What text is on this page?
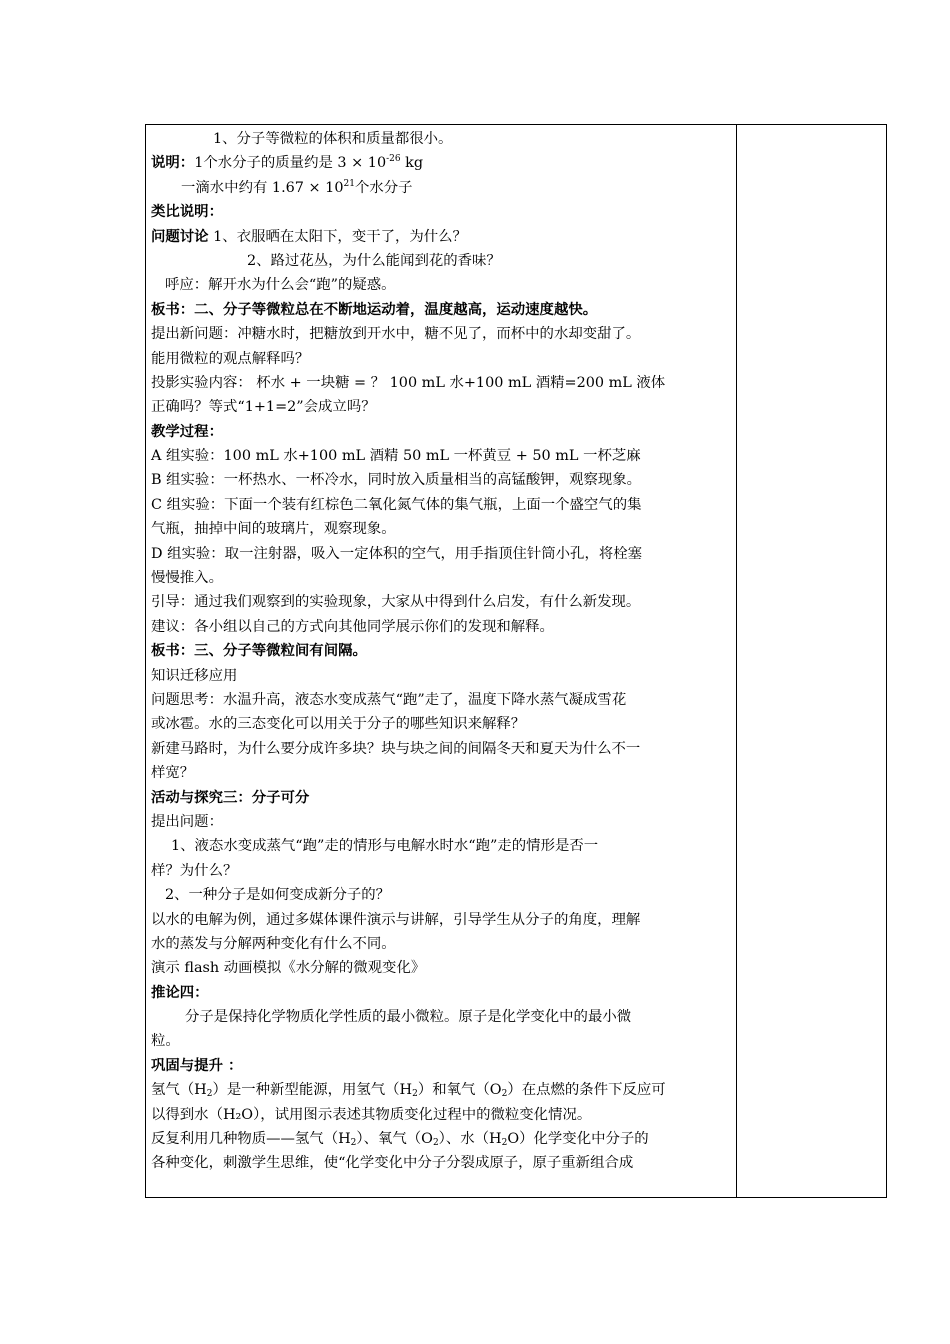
1、分子等微粒的体积和质量都很小。
说明：1个水分子的质量约是 $3 \times 10^{-26}$ kg
一滴水中约有 $1.67 \times 10^{21}$个水分子
类比说明：
问题讨论 1、衣服晒在太阳下，变干了，为什么？
2、路过花丛，为什么能闻到花的香味？
呼应：解开水为什么会“跑”的疑惑。
板书：二、分子等微粒总在不断地运动着，温度越高，运动速度越快。
提出新问题：冲糖水时，把糖放到开水中，糖不见了，而杯中的水却变甜了。
能用微粒的观点解释吗？
投影实验内容： 杯水 + 一块糖 = ？ 100 mL 水+100 mL 酒精=200 mL 液体
正确吗？等式“1+1=2”会成立吗？
教学过程：
A 组实验：100 mL 水+100 mL 酒精 50 mL 一杯黄豆 + 50 mL 一杯芝麻
B 组实验：一杯热水、一杯冷水，同时放入质量相当的高锰酸钾，观察现象。
C 组实验：下面一个装有红棕色二氧化氮气体的集气瓶，上面一个盛空气的集
气瓶，抽掉中间的玻璃片，观察现象。
D 组实验：取一注射器，吸入一定体积的空气，用手指顶住针筒小孔，将栓塞
慢慢推入。
引导：通过我们观察到的实验现象，大家从中得到什么启发，有什么新发现。
建议：各小组以自己的方式向其他同学展示你们的发现和解释。
板书：三、分子等微粒间有间隔。
知识迁移应用
问题思考：水温升高，液态水变成蒸气“跑”走了，温度下降水蒸气凝成雪花
或冰雹。水的三态变化可以用关于分子的哪些知识来解释？
新建马路时，为什么要分成许多块？块与块之间的间隔冬天和夏天为什么不一
样宽？
活动与探究三：分子可分
提出问题：
1、液态水变成蒸气“跑”走的情形与电解水时水“跑”走的情形是否一
样？为什么？
2、一种分子是如何变成新分子的？
以水的电解为例，通过多媒体课件演示与讲解，引导学生从分子的角度，理解
水的蒸发与分解两种变化有什么不同。
演示 flash 动画模拟《水分解的微观变化》
推论四：
分子是保持化学物质化学性质的最小微粒。原子是化学变化中的最小微
粒。
巩固与提升 ：
氢气$(H_2)$是一种新型能源，用氢气$(H_2)$和氧气$(O_2)$在点燃的条件下反应可
以得到水（H₂O），试用图示表述其物质变化过程中的微粒变化情况。
反复利用几种物质——氢气$(H_2)$、氧气$(O_2)$、水$(H_2O)$化学变化中分子的
各种变化，刺激学生思维，使“化学变化中分子分裂成原子，原子重新组合成
